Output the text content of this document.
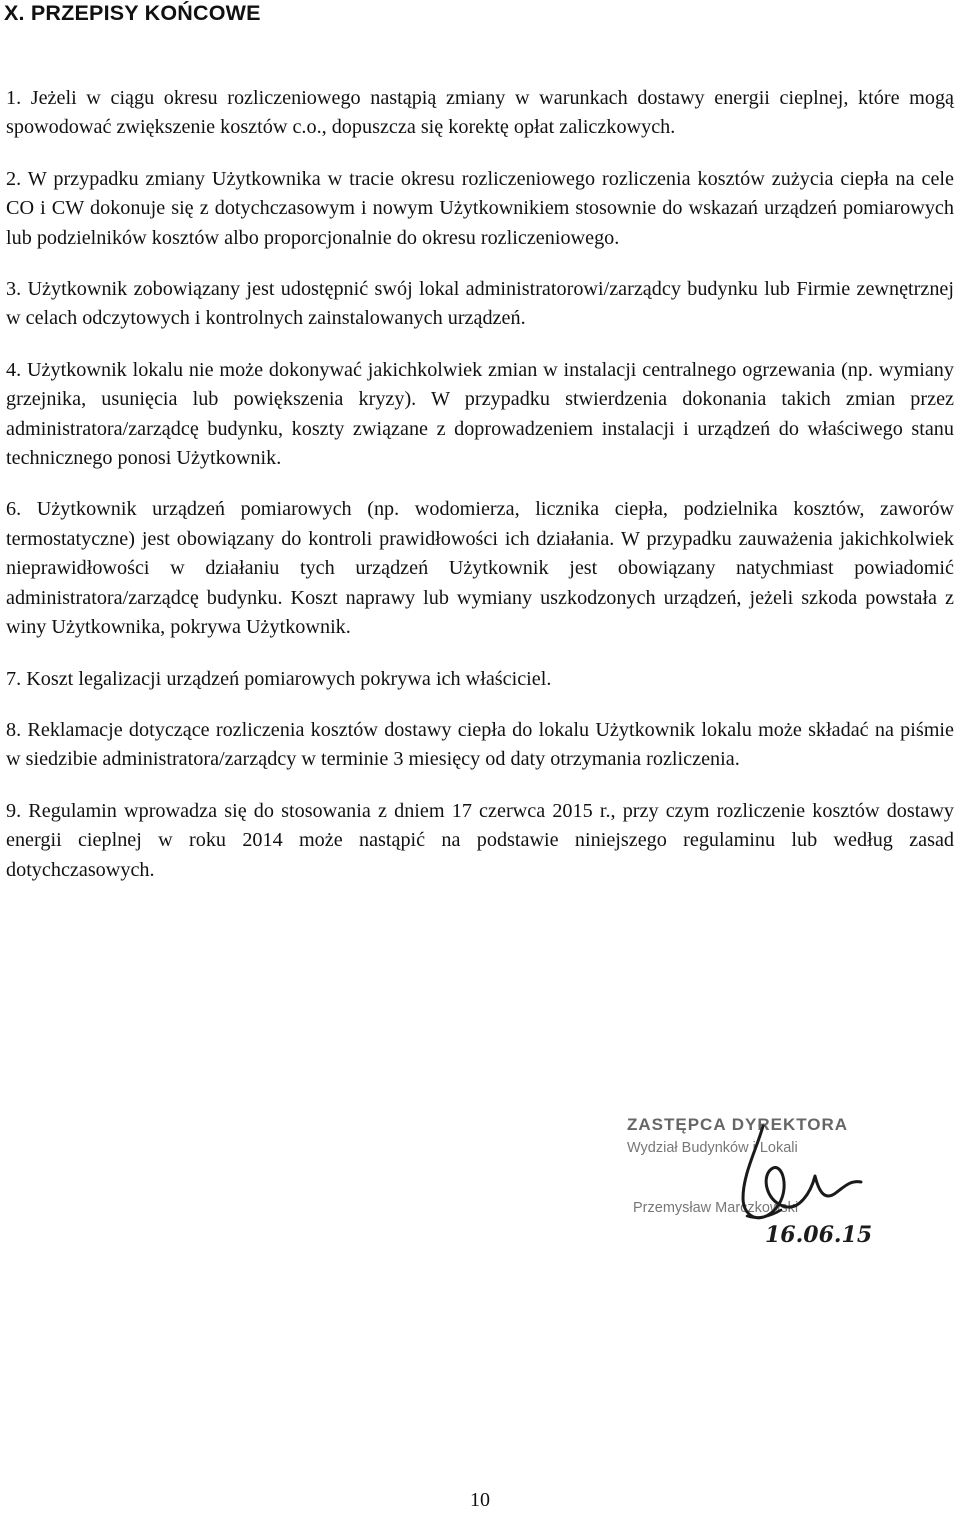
X. PRZEPISY KOŃCOWE

1. Jeżeli w ciągu okresu rozliczeniowego nastąpią zmiany w warunkach dostawy energii cieplnej, które mogą spowodować zwiększenie kosztów c.o., dopuszcza się korektę opłat zaliczkowych.

2. W przypadku zmiany Użytkownika w tracie okresu rozliczeniowego rozliczenia kosztów zużycia ciepła na cele CO i CW dokonuje się z dotychczasowym i nowym Użytkownikiem stosownie do wskazań urządzeń pomiarowych lub podzielników kosztów albo proporcjonalnie do okresu rozliczeniowego.

3. Użytkownik zobowiązany jest udostępnić swój lokal administratorowi/zarządcy budynku lub Firmie zewnętrznej w celach odczytowych i kontrolnych zainstalowanych urządzeń.

4. Użytkownik lokalu nie może dokonywać jakichkolwiek zmian w instalacji centralnego ogrzewania (np. wymiany grzejnika, usunięcia lub powiększenia kryzy). W przypadku stwierdzenia dokonania takich zmian przez administratora/zarządcę budynku, koszty związane z doprowadzeniem instalacji i urządzeń do właściwego stanu technicznego ponosi Użytkownik.

6. Użytkownik urządzeń pomiarowych (np. wodomierza, licznika ciepła, podzielnika kosztów, zaworów termostatyczne) jest obowiązany do kontroli prawidłowości ich działania. W przypadku zauważenia jakichkolwiek nieprawidłowości w działaniu tych urządzeń Użytkownik jest obowiązany natychmiast powiadomić administratora/zarządcę budynku. Koszt naprawy lub wymiany uszkodzonych urządzeń, jeżeli szkoda powstała z winy Użytkownika, pokrywa Użytkownik.

7. Koszt legalizacji urządzeń pomiarowych pokrywa ich właściciel.

8. Reklamacje dotyczące rozliczenia kosztów dostawy ciepła do lokalu Użytkownik lokalu może składać na piśmie w siedzibie administratora/zarządcy w terminie 3 miesięcy od daty otrzymania rozliczenia.

9. Regulamin wprowadza się do stosowania z dniem 17 czerwca 2015 r., przy czym rozliczenie kosztów dostawy energii cieplnej w roku 2014 może nastąpić na podstawie niniejszego regulaminu lub według zasad dotychczasowych.

ZASTĘPCA DYREKTORA
Wydział Budynków i Lokali
Przemysław Marczkowski
16.06.15
10
